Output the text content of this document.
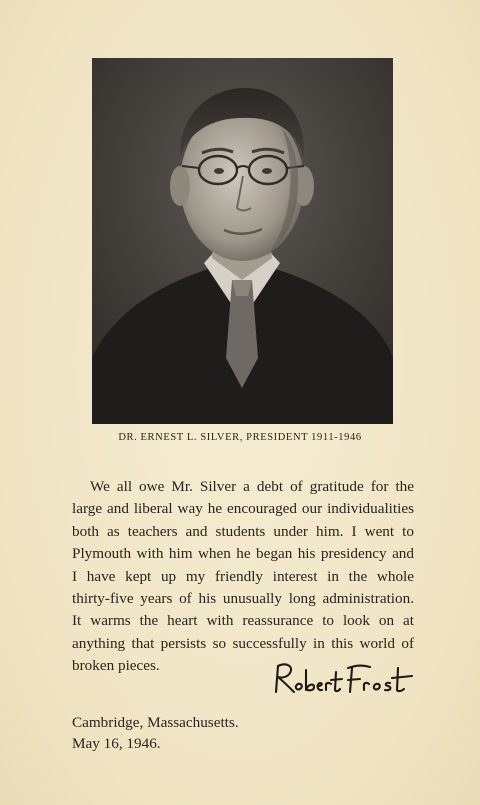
DR. ERNEST L. SILVER, PRESIDENT 1911-1946
We all owe Mr. Silver a debt of gratitude for the
large and liberal way he encouraged our individualities
both as teachers and students under him. I went to
Plymouth with him when he began his presidency and
I have kept up my friendly interest in the whole
thirty-five years of his unusually long administration.
It warms the heart with reassurance to look on at
anything that persists so successfully in this world of
broken pieces.
Cambridge, Massachusetts.
May 16, 1946.
